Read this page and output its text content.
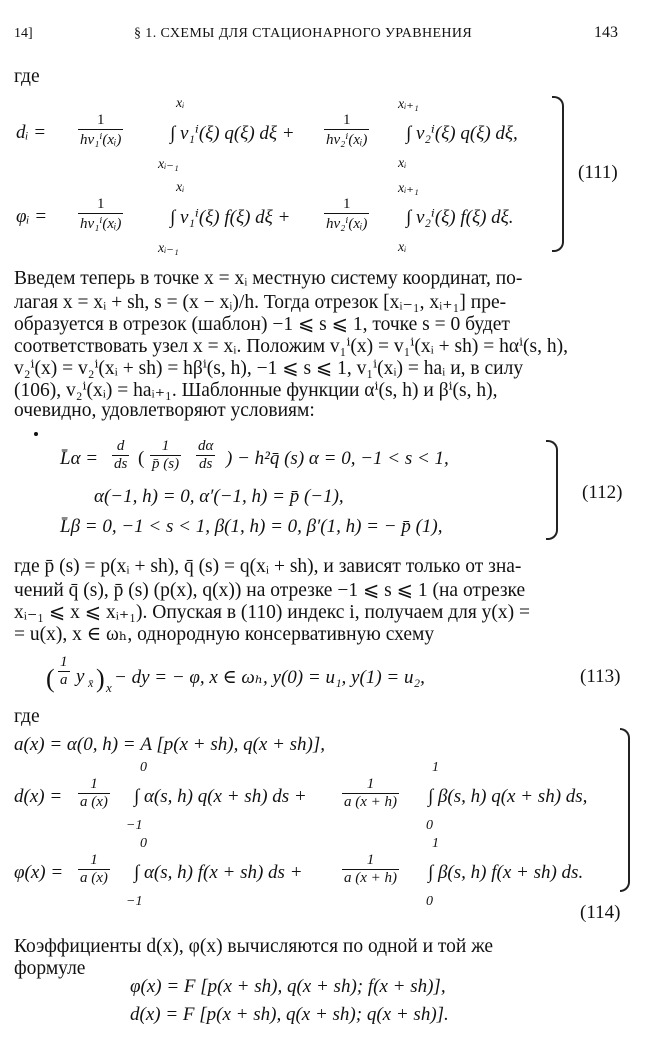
14]	§ 1. СХЕМЫ ДЛЯ СТАЦИОНАРНОГО УРАВНЕНИЯ	143
где
dᵢ = $\frac{1}{\text{hv₁ⁱ(xᵢ)}}$
xᵢ
xᵢ₋₁
∫ v₁ⁱ(ξ) q(ξ) $d\xi + \frac{1}{\text{hv₂ⁱ(xᵢ)}}$
xᵢ₊₁
xᵢ
∫ v₂ⁱ(ξ) q(ξ) dξ,
φᵢ = $\frac{1}{\text{hv₁ⁱ(xᵢ)}}$
xᵢ
xᵢ₋₁
∫ v₁ⁱ(ξ) f(ξ) $d\xi + \frac{1}{\text{hv₂ⁱ(xᵢ)}}$
xᵢ₊₁
xᵢ
∫ v₂ⁱ(ξ) f(ξ) dξ.
(111)
Введем теперь в точке x = xᵢ местную систему координат, по-
лагая x = xᵢ + sh, s = (x − xᵢ)/h. Тогда отрезок [xᵢ₋₁, xᵢ₊₁] пре-
образуется в отрезок (шаблон) −1 ⩽ s ⩽ 1, точке s = 0 будет
соответствовать узел x = xᵢ. Положим v₁ⁱ(x) = v₁ⁱ(xᵢ + sh) = hαⁱ(s, h),
v₂ⁱ(x) = v₂ⁱ(xᵢ + sh) = hβⁱ(s, h), −1 ⩽ s ⩽ 1, v₁ⁱ(xᵢ) = haᵢ и, в силу
(106), v₂ⁱ(xᵢ) = haᵢ₊₁. Шаблонные функции αⁱ(s, h) и βⁱ(s, h),
очевидно, удовлетворяют условиям:
L̄α = $\frac{d}{ds}$ ( $\frac{1}{p̄ (s)} \frac{d\alpha}{ds}$ ) − h²q̄ (s) α = 0, −1 < s < 1,
α(−1, h) = 0, α′(−1, h) = p̄ (−1),
L̄β = 0, −1 < s < 1, β(1, h) = 0, β′(1, h) = − p̄ (1),
(112)
где p̄ (s) = p(xᵢ + sh), q̄ (s) = q(xᵢ + sh), и зависят только от зна-
чений q̄ (s), p̄ (s) (p(x), q(x)) на отрезке −1 ⩽ s ⩽ 1 (на отрезке
xᵢ₋₁ ⩽ x ⩽ xᵢ₊₁). Опуская в (110) индекс i, получаем для y(x) =
= u(x), x ∈ ωₕ, однородную консервативную схему
( $\frac{1}{a}$ y x̄ ) x − dy = − φ, x ∈ ωₕ, y(0) = u₁, y(1) = u₂,	(113)
где
a(x) = α(0, h) = A [p(x + sh), q(x + sh)],
$d(x) = \frac{1}{a (x)}$
0
−1
∫ α(s, h) q(x + sh) ds + $\frac{1}{a (x + h)}$
1
0
∫ β(s, h) q(x + sh) ds,
$\varphi(x) = \frac{1}{a (x)}$
0
−1
∫ α(s, h) f(x + sh) ds +	$\frac{1}{a (x + h)}$
1
0
∫ β(s, h) f(x + sh) ds.
(114)
Коэффициенты d(x), φ(x) вычисляются по одной и той же
формуле
φ(x) = F [p(x + sh), q(x + sh); f(x + sh)],
d(x) = F [p(x + sh), q(x + sh); q(x + sh)].
